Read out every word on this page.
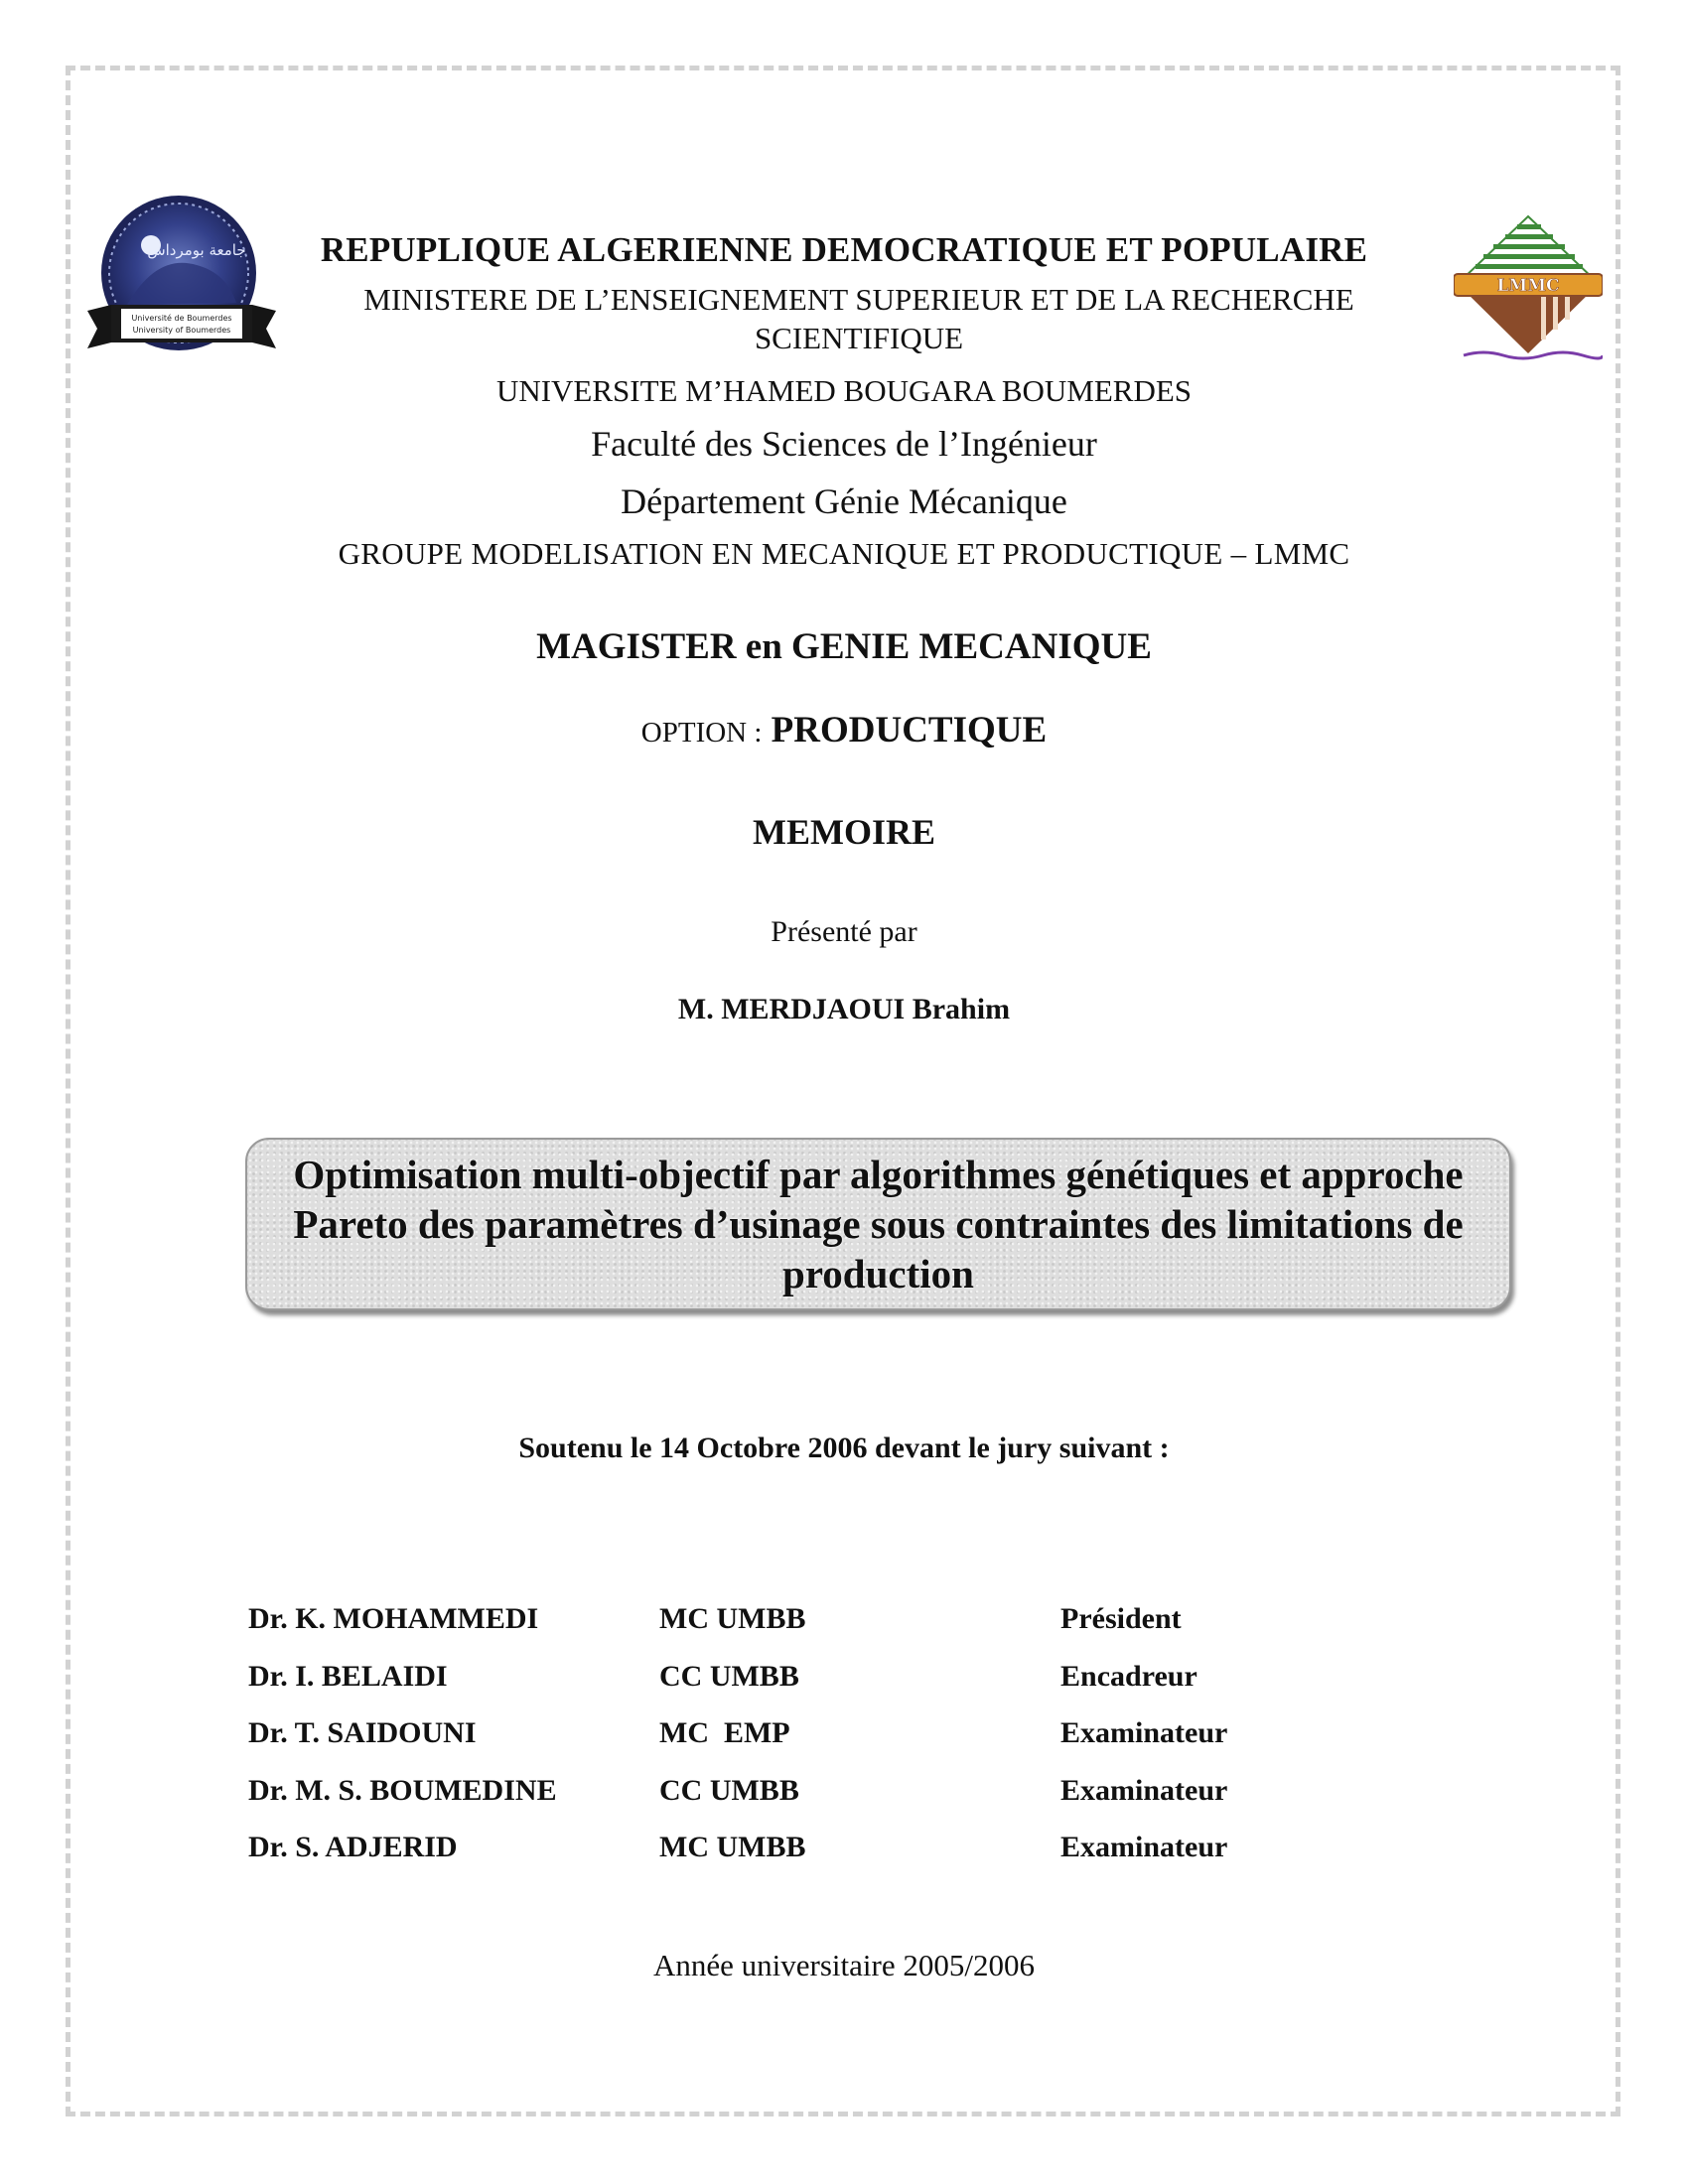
جامعة بومرداس
Université de Boumerdes
University of Boumerdes
LMMC
REPUPLIQUE ALGERIENNE DEMOCRATIQUE ET POPULAIRE
MINISTERE DE L’ENSEIGNEMENT SUPERIEUR ET DE LA RECHERCHE SCIENTIFIQUE
UNIVERSITE M’HAMED BOUGARA BOUMERDES
Faculté des Sciences de l’Ingénieur
Département Génie Mécanique
GROUPE MODELISATION EN MECANIQUE ET PRODUCTIQUE – LMMC
MAGISTER en GENIE MECANIQUE
OPTION : PRODUCTIQUE
MEMOIRE
Présenté par
M. MERDJAOUI Brahim
Optimisation multi-objectif par algorithmes génétiques et approche Pareto des paramètres d’usinage sous contraintes des limitations de production
Soutenu le 14 Octobre 2006 devant le jury suivant :

Dr. K. MOHAMMEDI

	MC UMBB

	Président

Dr. I. BELAIDI

	CC UMBB

	Encadreur

Dr. T. SAIDOUNI

	MC  EMP

	Examinateur

Dr. M. S. BOUMEDINE

	CC UMBB

	Examinateur

Dr. S. ADJERID

	MC UMBB

	Examinateur

Année universitaire 2005/2006
